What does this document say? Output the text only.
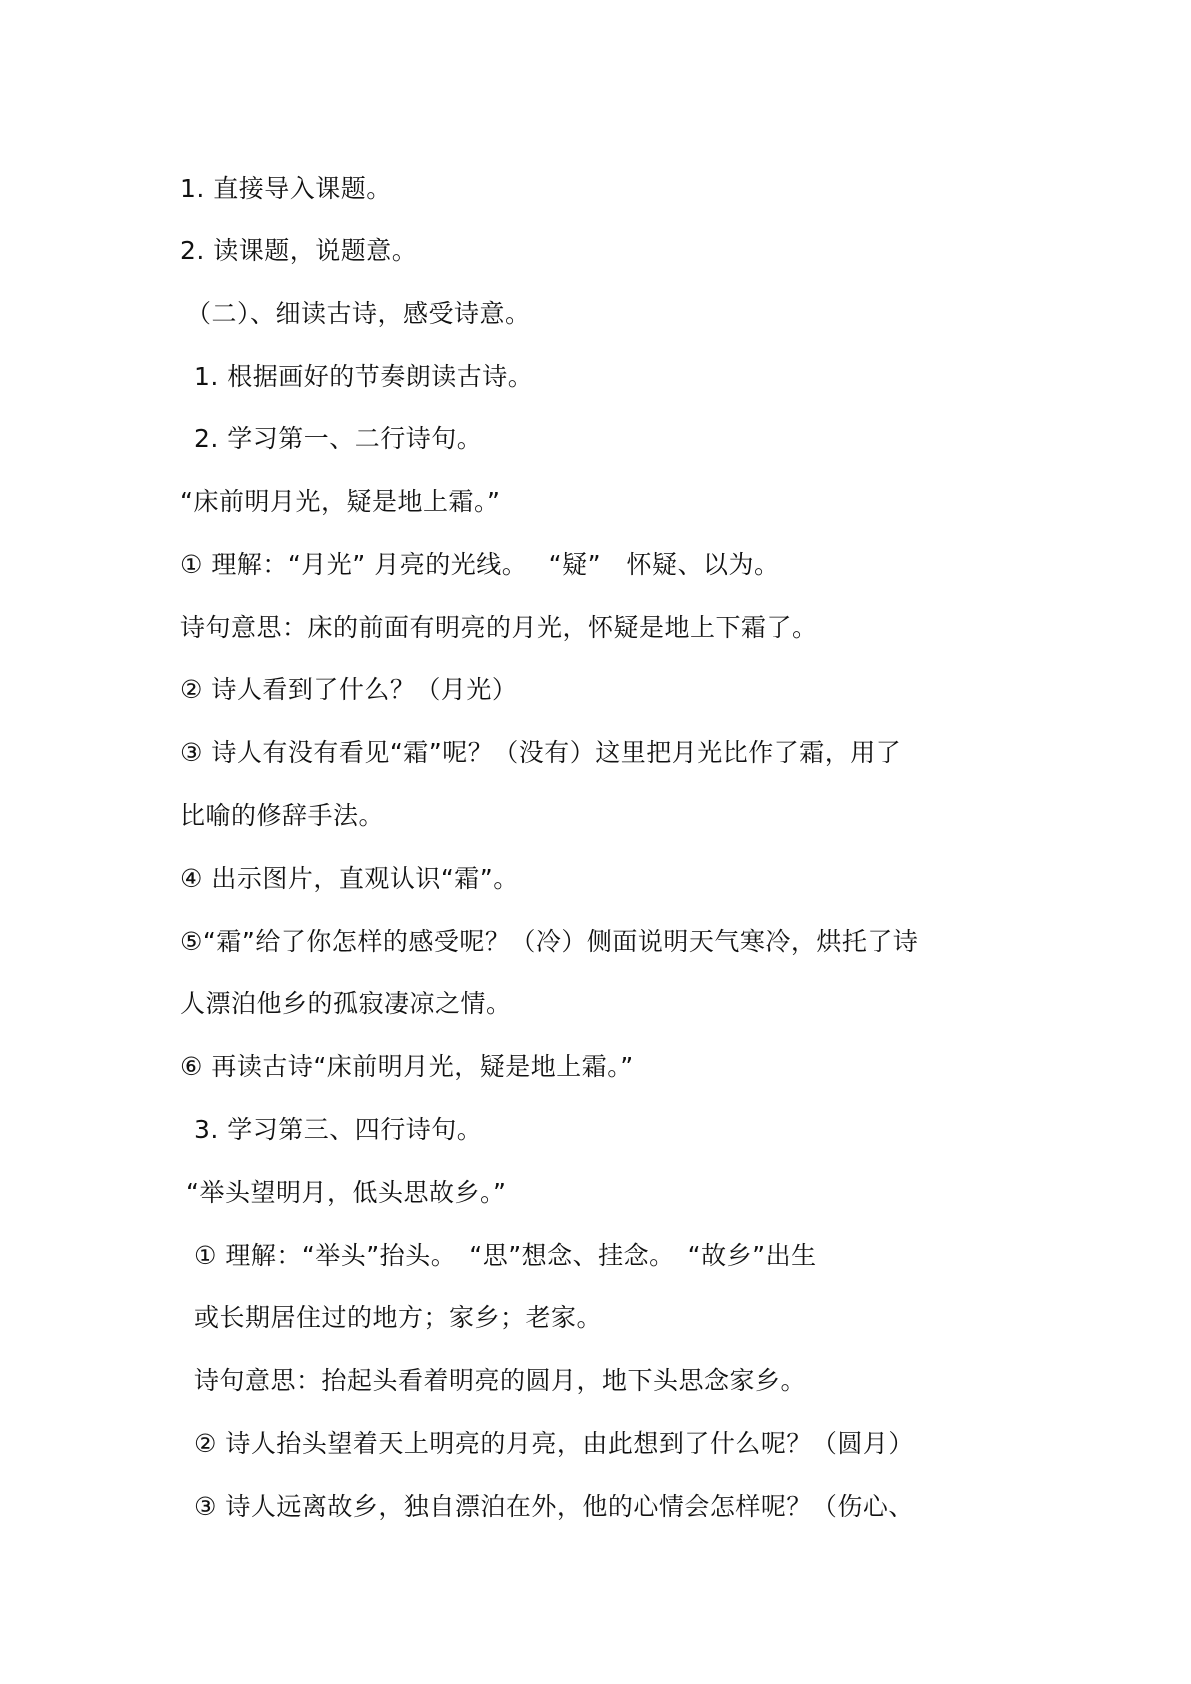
1. 直接导入课题。
2. 读课题，说题意。
（二）、细读古诗，感受诗意。
1. 根据画好的节奏朗读古诗。
2. 学习第一、二行诗句。
“床前明月光，疑是地上霜。”
① 理解：“月光” 月亮的光线。　 “疑”　怀疑、以为。
诗句意思：床的前面有明亮的月光，怀疑是地上下霜了。
② 诗人看到了什么？（月光）
③ 诗人有没有看见“霜”呢？（没有）这里把月光比作了霜，用了
比喻的修辞手法。
④ 出示图片，直观认识“霜”。
⑤“霜”给了你怎样的感受呢？（冷）侧面说明天气寒冷，烘托了诗
人漂泊他乡的孤寂凄凉之情。
⑥ 再读古诗“床前明月光，疑是地上霜。”
3. 学习第三、四行诗句。
“举头望明月，低头思故乡。”
① 理解：“举头”抬头。　“思”想念、挂念。　“故乡”出生
或长期居住过的地方；家乡；老家。
诗句意思：抬起头看着明亮的圆月，地下头思念家乡。
② 诗人抬头望着天上明亮的月亮，由此想到了什么呢？（圆月）
③ 诗人远离故乡，独自漂泊在外，他的心情会怎样呢？（伤心、
